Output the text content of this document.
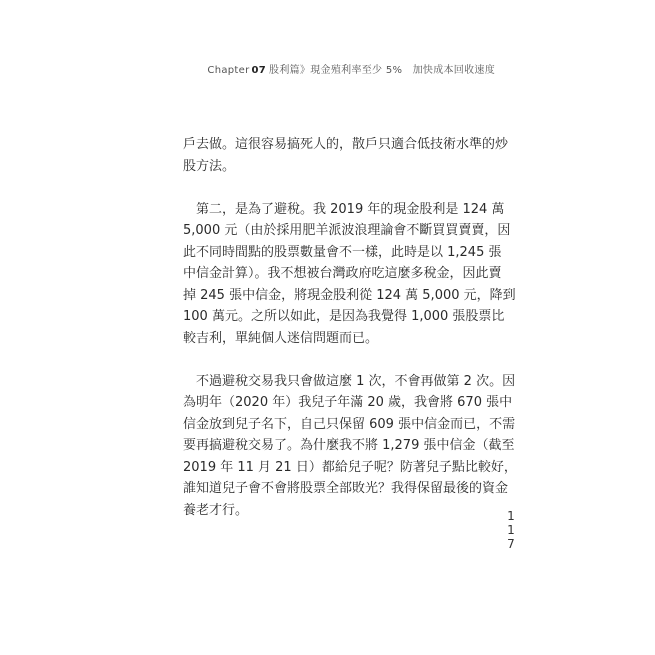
Chapter 07 股利篇》現金殖利率至少 5%　加快成本回收速度
戶去做。這很容易搞死人的，散戶只適合低技術水準的炒
股方法。
第二，是為了避稅。我 2019 年的現金股利是 124 萬
5,000 元（由於採用肥羊派波浪理論會不斷買買賣賣，因
此不同時間點的股票數量會不一樣，此時是以 1,245 張
中信金計算）。我不想被台灣政府吃這麼多稅金，因此賣
掉 245 張中信金，將現金股利從 124 萬 5,000 元，降到
100 萬元。之所以如此，是因為我覺得 1,000 張股票比
較吉利，單純個人迷信問題而已。
不過避稅交易我只會做這麼 1 次，不會再做第 2 次。因
為明年（2020 年）我兒子年滿 20 歲，我會將 670 張中
信金放到兒子名下，自己只保留 609 張中信金而已，不需
要再搞避稅交易了。為什麼我不將 1,279 張中信金（截至
2019 年 11 月 21 日）都給兒子呢？防著兒子點比較好，
誰知道兒子會不會將股票全部敗光？我得保留最後的資金
養老才行。	1
1
7
